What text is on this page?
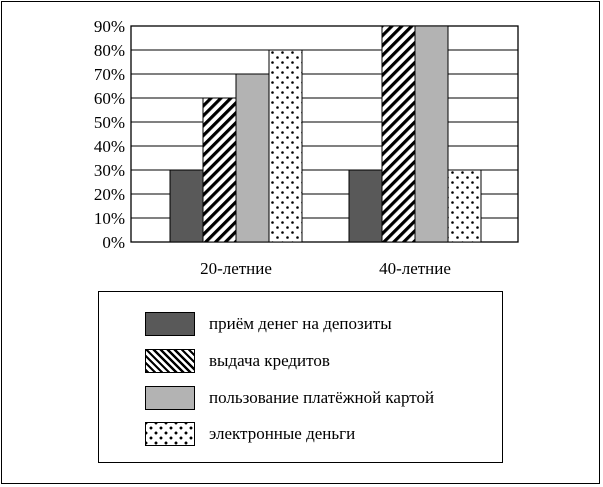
0%
10%
20%
30%
40%
50%
60%
70%
80%
90%
20-летние	40-летние
приём денег на депозиты
выдача кредитов
пользование платёжной картой
электронные деньги
